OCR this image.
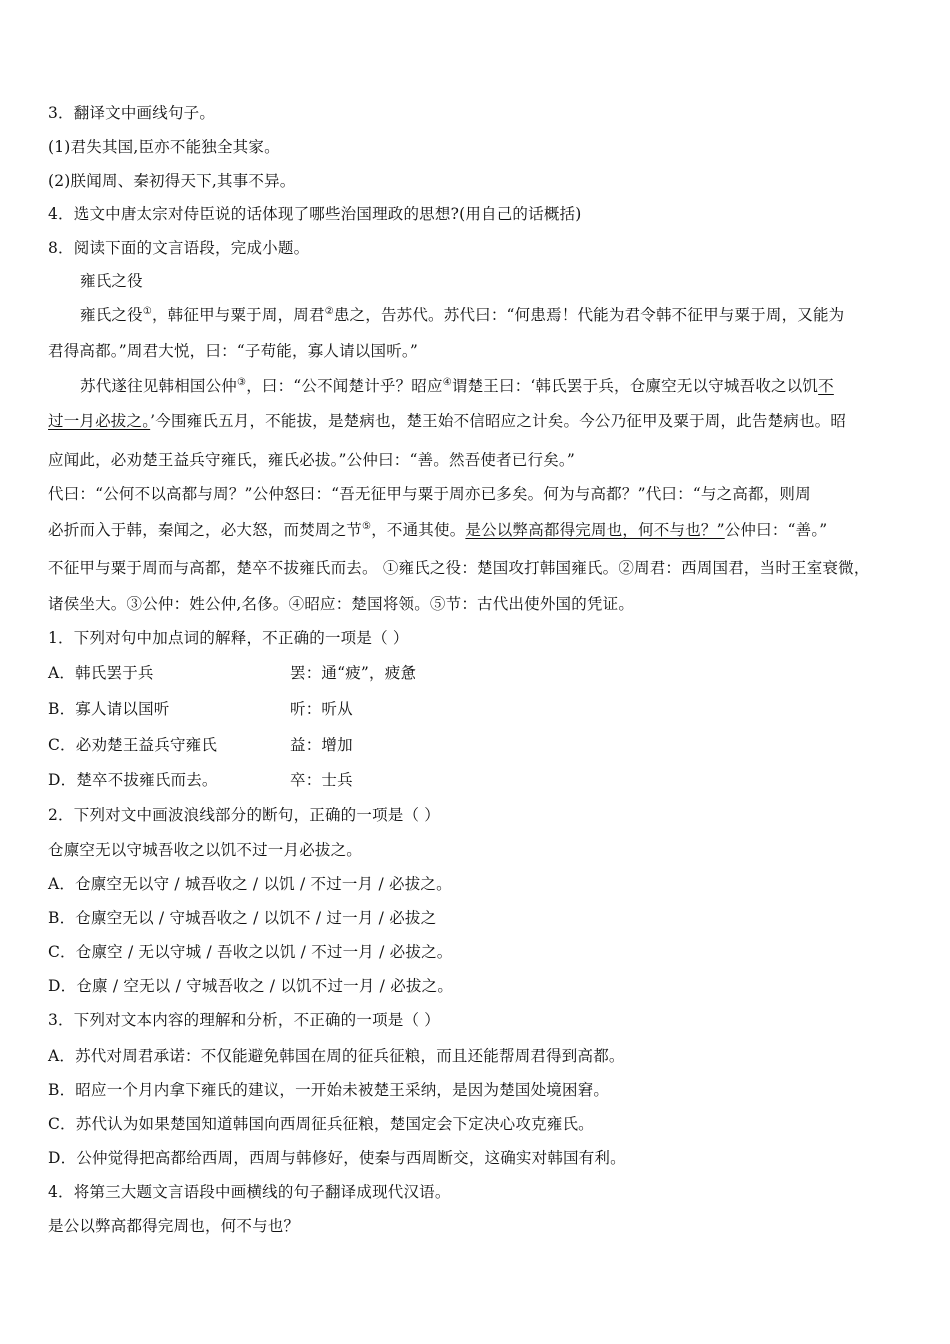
3．翻译文中画线句子。
(1)君失其国,臣亦不能独全其家。
(2)朕闻周、秦初得天下,其事不异。
4．选文中唐太宗对侍臣说的话体现了哪些治国理政的思想?(用自己的话概括)
8．阅读下面的文言语段，完成小题。
雍氏之役
雍氏之役①，韩征甲与粟于周，周君②患之，告苏代。苏代曰：“何患焉！代能为君令韩不征甲与粟于周，又能为
君得高都。”周君大悦，曰：“子苟能，寡人请以国听。”
苏代遂往见韩相国公仲③，曰：“公不闻楚计乎？昭应④谓楚王曰：‘韩氏罢于兵，仓廪空无以守城吾收之以饥不
过一月必拔之。’今围雍氏五月，不能拔，是楚病也，楚王始不信昭应之计矣。今公乃征甲及粟于周，此告楚病也。昭
应闻此，必劝楚王益兵守雍氏，雍氏必拔。”公仲曰：“善。然吾使者已行矣。”
代曰：“公何不以高都与周？”公仲怒曰：“吾无征甲与粟于周亦已多矣。何为与高都？”代曰：“与之高都，则周
必折而入于韩，秦闻之，必大怒，而焚周之节⑤，不通其使。是公以弊高都得完周也，何不与也？”公仲曰：“善。”
不征甲与粟于周而与高都，楚卒不拔雍氏而去。 ①雍氏之役：楚国攻打韩国雍氏。②周君：西周国君，当时王室衰微，
诸侯坐大。③公仲：姓公仲,名侈。④昭应：楚国将领。⑤节：古代出使外国的凭证。
1．下列对句中加点词的解释，不正确的一项是（ ）
A．韩氏罢于兵	罢：通“疲”，疲惫
B．寡人请以国听	听：听从
C．必劝楚王益兵守雍氏	益：增加
D．楚卒不拔雍氏而去。	卒：士兵
2．下列对文中画波浪线部分的断句，正确的一项是（ ）
仓廪空无以守城吾收之以饥不过一月必拔之。
A．仓廪空无以守 / 城吾收之 / 以饥 / 不过一月 / 必拔之。
B．仓廪空无以 / 守城吾收之 / 以饥不 / 过一月 / 必拔之
C．仓廪空 / 无以守城 / 吾收之以饥 / 不过一月 / 必拔之。
D．仓廪 / 空无以 / 守城吾收之 / 以饥不过一月 / 必拔之。
3．下列对文本内容的理解和分析，不正确的一项是（ ）
A．苏代对周君承诺：不仅能避免韩国在周的征兵征粮，而且还能帮周君得到高都。
B．昭应一个月内拿下雍氏的建议，一开始未被楚王采纳，是因为楚国处境困窘。
C．苏代认为如果楚国知道韩国向西周征兵征粮，楚国定会下定决心攻克雍氏。
D．公仲觉得把高都给西周，西周与韩修好，使秦与西周断交，这确实对韩国有利。
4．将第三大题文言语段中画横线的句子翻译成现代汉语。
是公以弊高都得完周也，何不与也？
